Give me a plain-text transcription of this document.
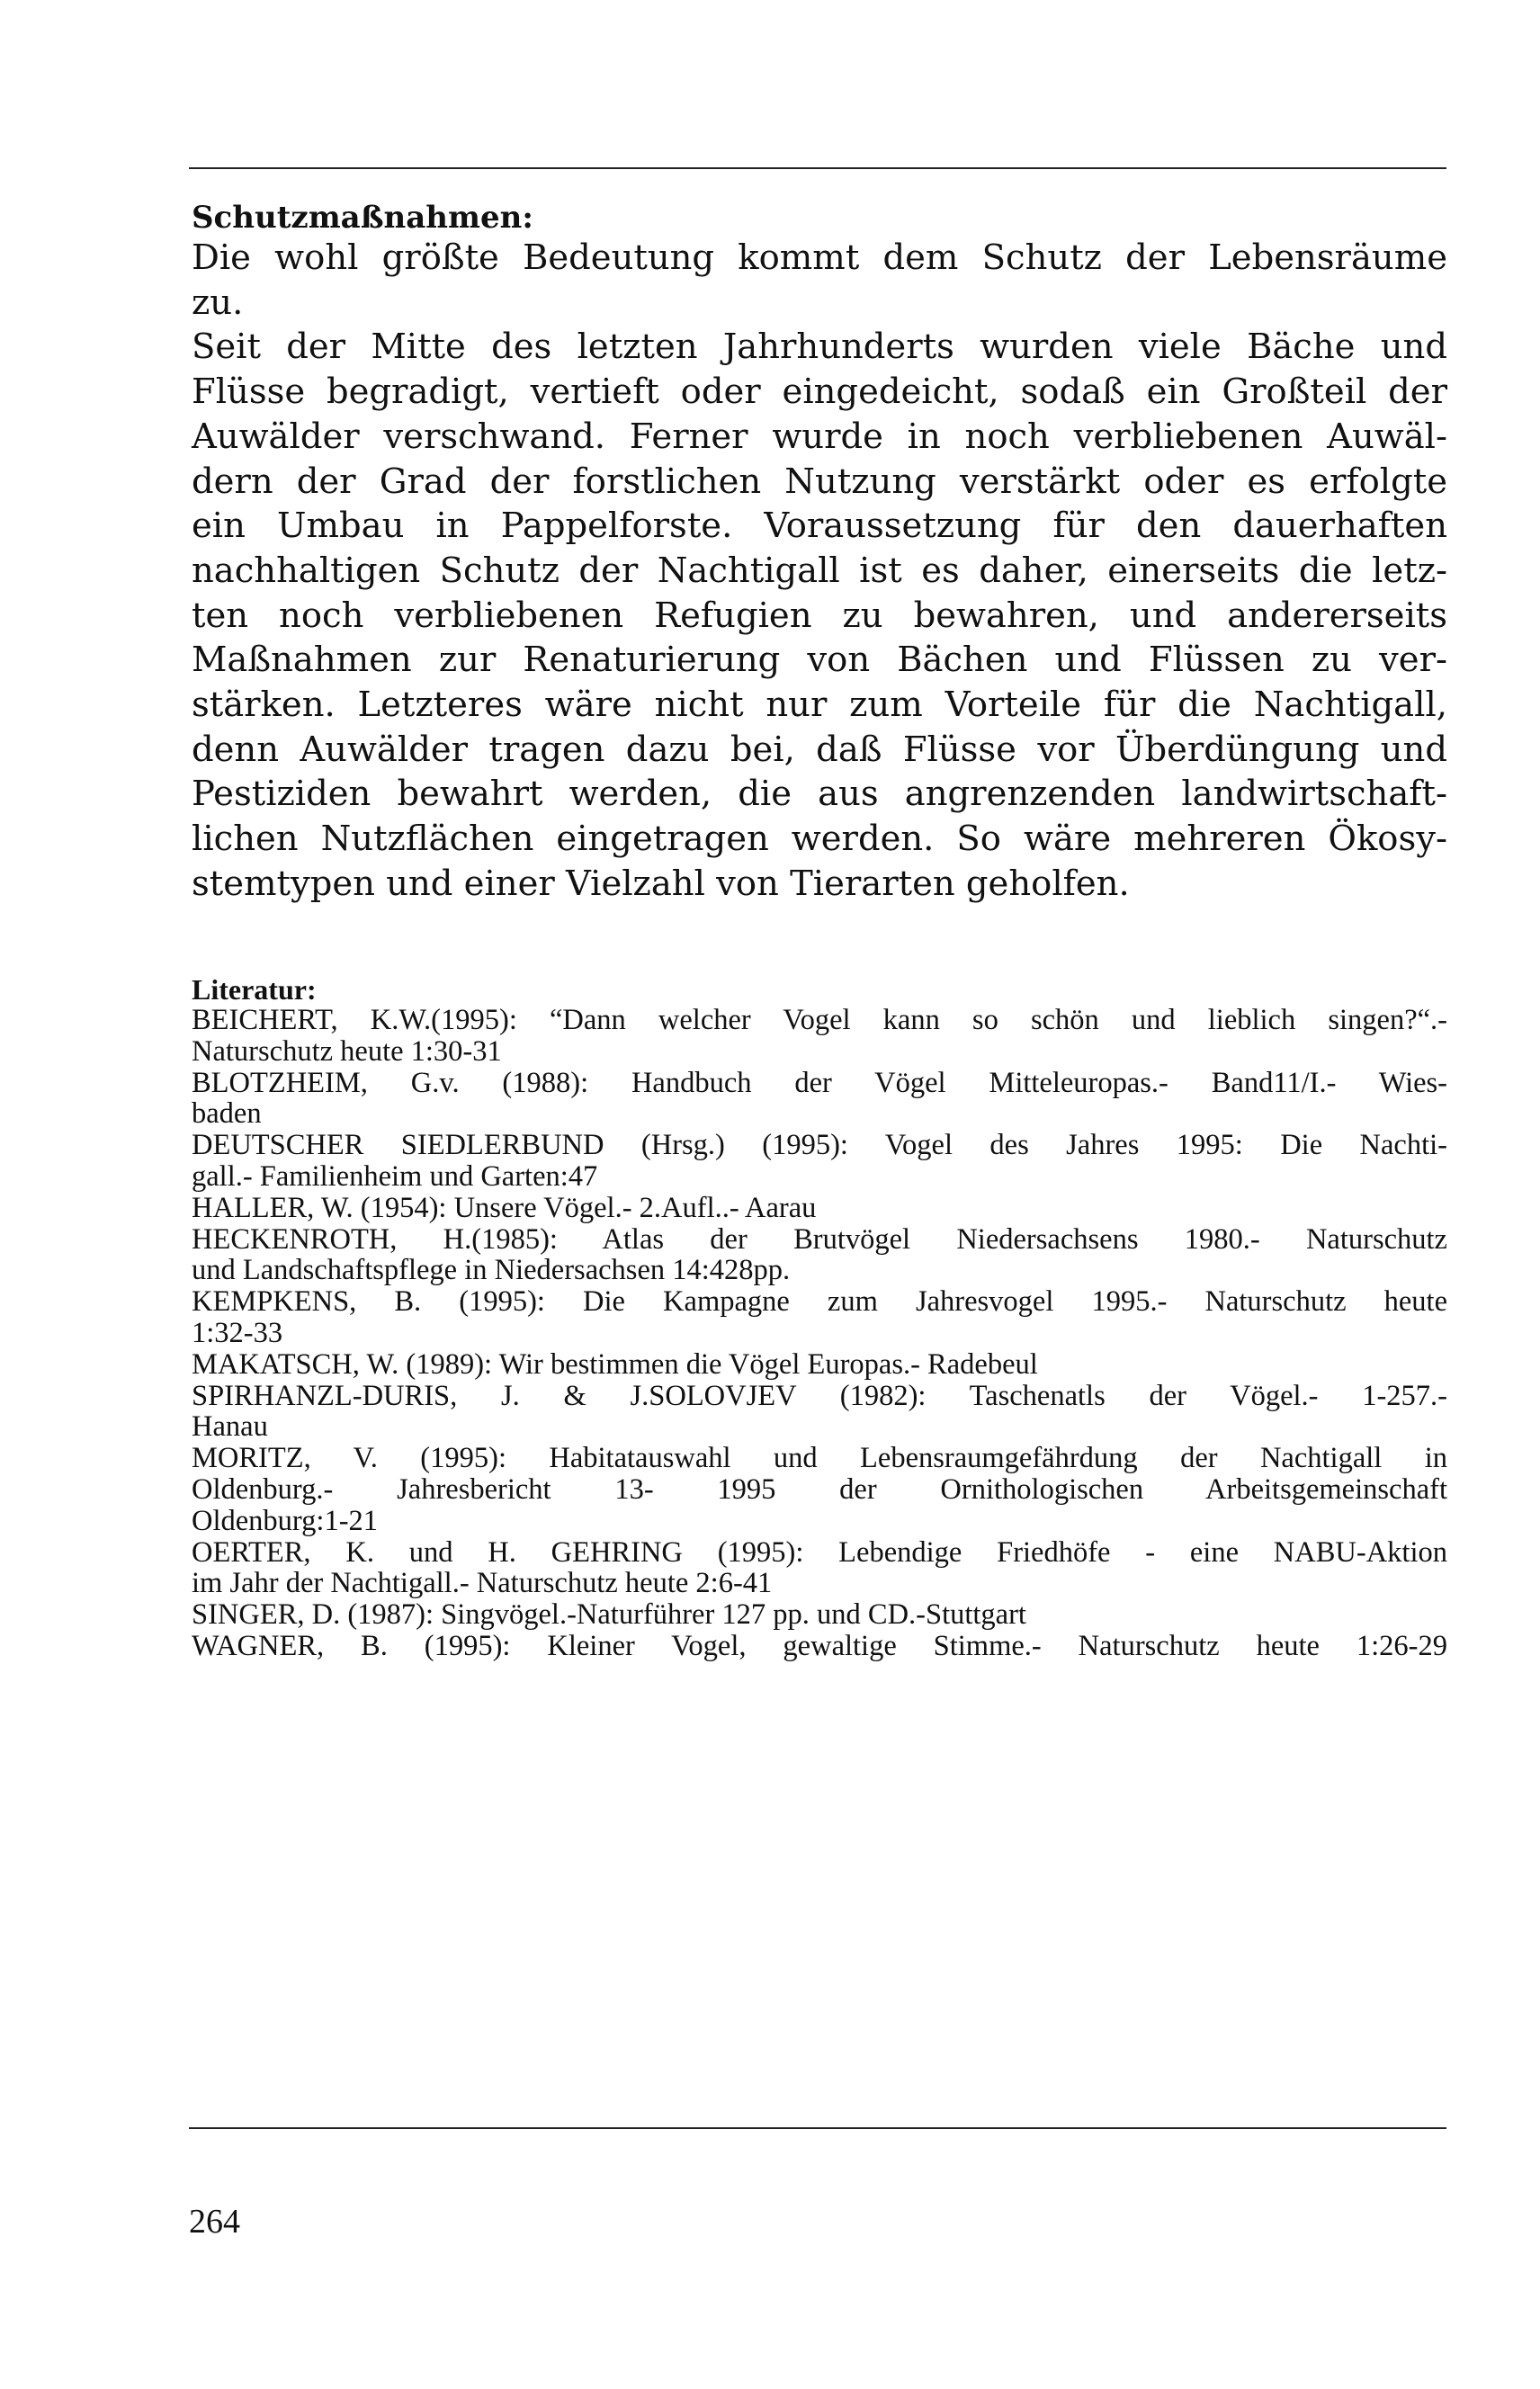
Schutzmaßnahmen:
Die wohl größte Bedeutung kommt dem Schutz der Lebensräume
zu.
Seit der Mitte des letzten Jahrhunderts wurden viele Bäche und
Flüsse begradigt, vertieft oder eingedeicht, sodaß ein Großteil der
Auwälder verschwand. Ferner wurde in noch verbliebenen Auwäl-
dern der Grad der forstlichen Nutzung verstärkt oder es erfolgte
ein Umbau in Pappelforste. Voraussetzung für den dauerhaften
nachhaltigen Schutz der Nachtigall ist es daher, einerseits die letz-
ten noch verbliebenen Refugien zu bewahren, und andererseits
Maßnahmen zur Renaturierung von Bächen und Flüssen zu ver-
stärken. Letzteres wäre nicht nur zum Vorteile für die Nachtigall,
denn Auwälder tragen dazu bei, daß Flüsse vor Überdüngung und
Pestiziden bewahrt werden, die aus angrenzenden landwirtschaft-
lichen Nutzflächen eingetragen werden. So wäre mehreren Ökosy-
stemtypen und einer Vielzahl von Tierarten geholfen.
Literatur:
BEICHERT, K.W.(1995): “Dann welcher Vogel kann so schön und lieblich singen?“.-
Naturschutz heute 1:30-31
BLOTZHEIM, G.v. (1988): Handbuch der Vögel Mitteleuropas.- Band11/I.- Wies-
baden
DEUTSCHER SIEDLERBUND (Hrsg.) (1995): Vogel des Jahres 1995: Die Nachti-
gall.- Familienheim und Garten:47
HALLER, W. (1954): Unsere Vögel.- 2.Aufl..- Aarau
HECKENROTH, H.(1985): Atlas der Brutvögel Niedersachsens 1980.- Naturschutz
und Landschaftspflege in Niedersachsen 14:428pp.
KEMPKENS, B. (1995): Die Kampagne zum Jahresvogel 1995.- Naturschutz heute
1:32-33
MAKATSCH, W. (1989): Wir bestimmen die Vögel Europas.- Radebeul
SPIRHANZL-DURIS, J. & J.SOLOVJEV (1982): Taschenatls der Vögel.- 1-257.-
Hanau
MORITZ, V. (1995): Habitatauswahl und Lebensraumgefährdung der Nachtigall in
Oldenburg.- Jahresbericht 13- 1995 der Ornithologischen Arbeitsgemeinschaft
Oldenburg:1-21
OERTER, K. und H. GEHRING (1995): Lebendige Friedhöfe - eine NABU-Aktion
im Jahr der Nachtigall.- Naturschutz heute 2:6-41
SINGER, D. (1987): Singvögel.-Naturführer 127 pp. und CD.-Stuttgart
WAGNER, B. (1995): Kleiner Vogel, gewaltige Stimme.- Naturschutz heute 1:26-29
264
